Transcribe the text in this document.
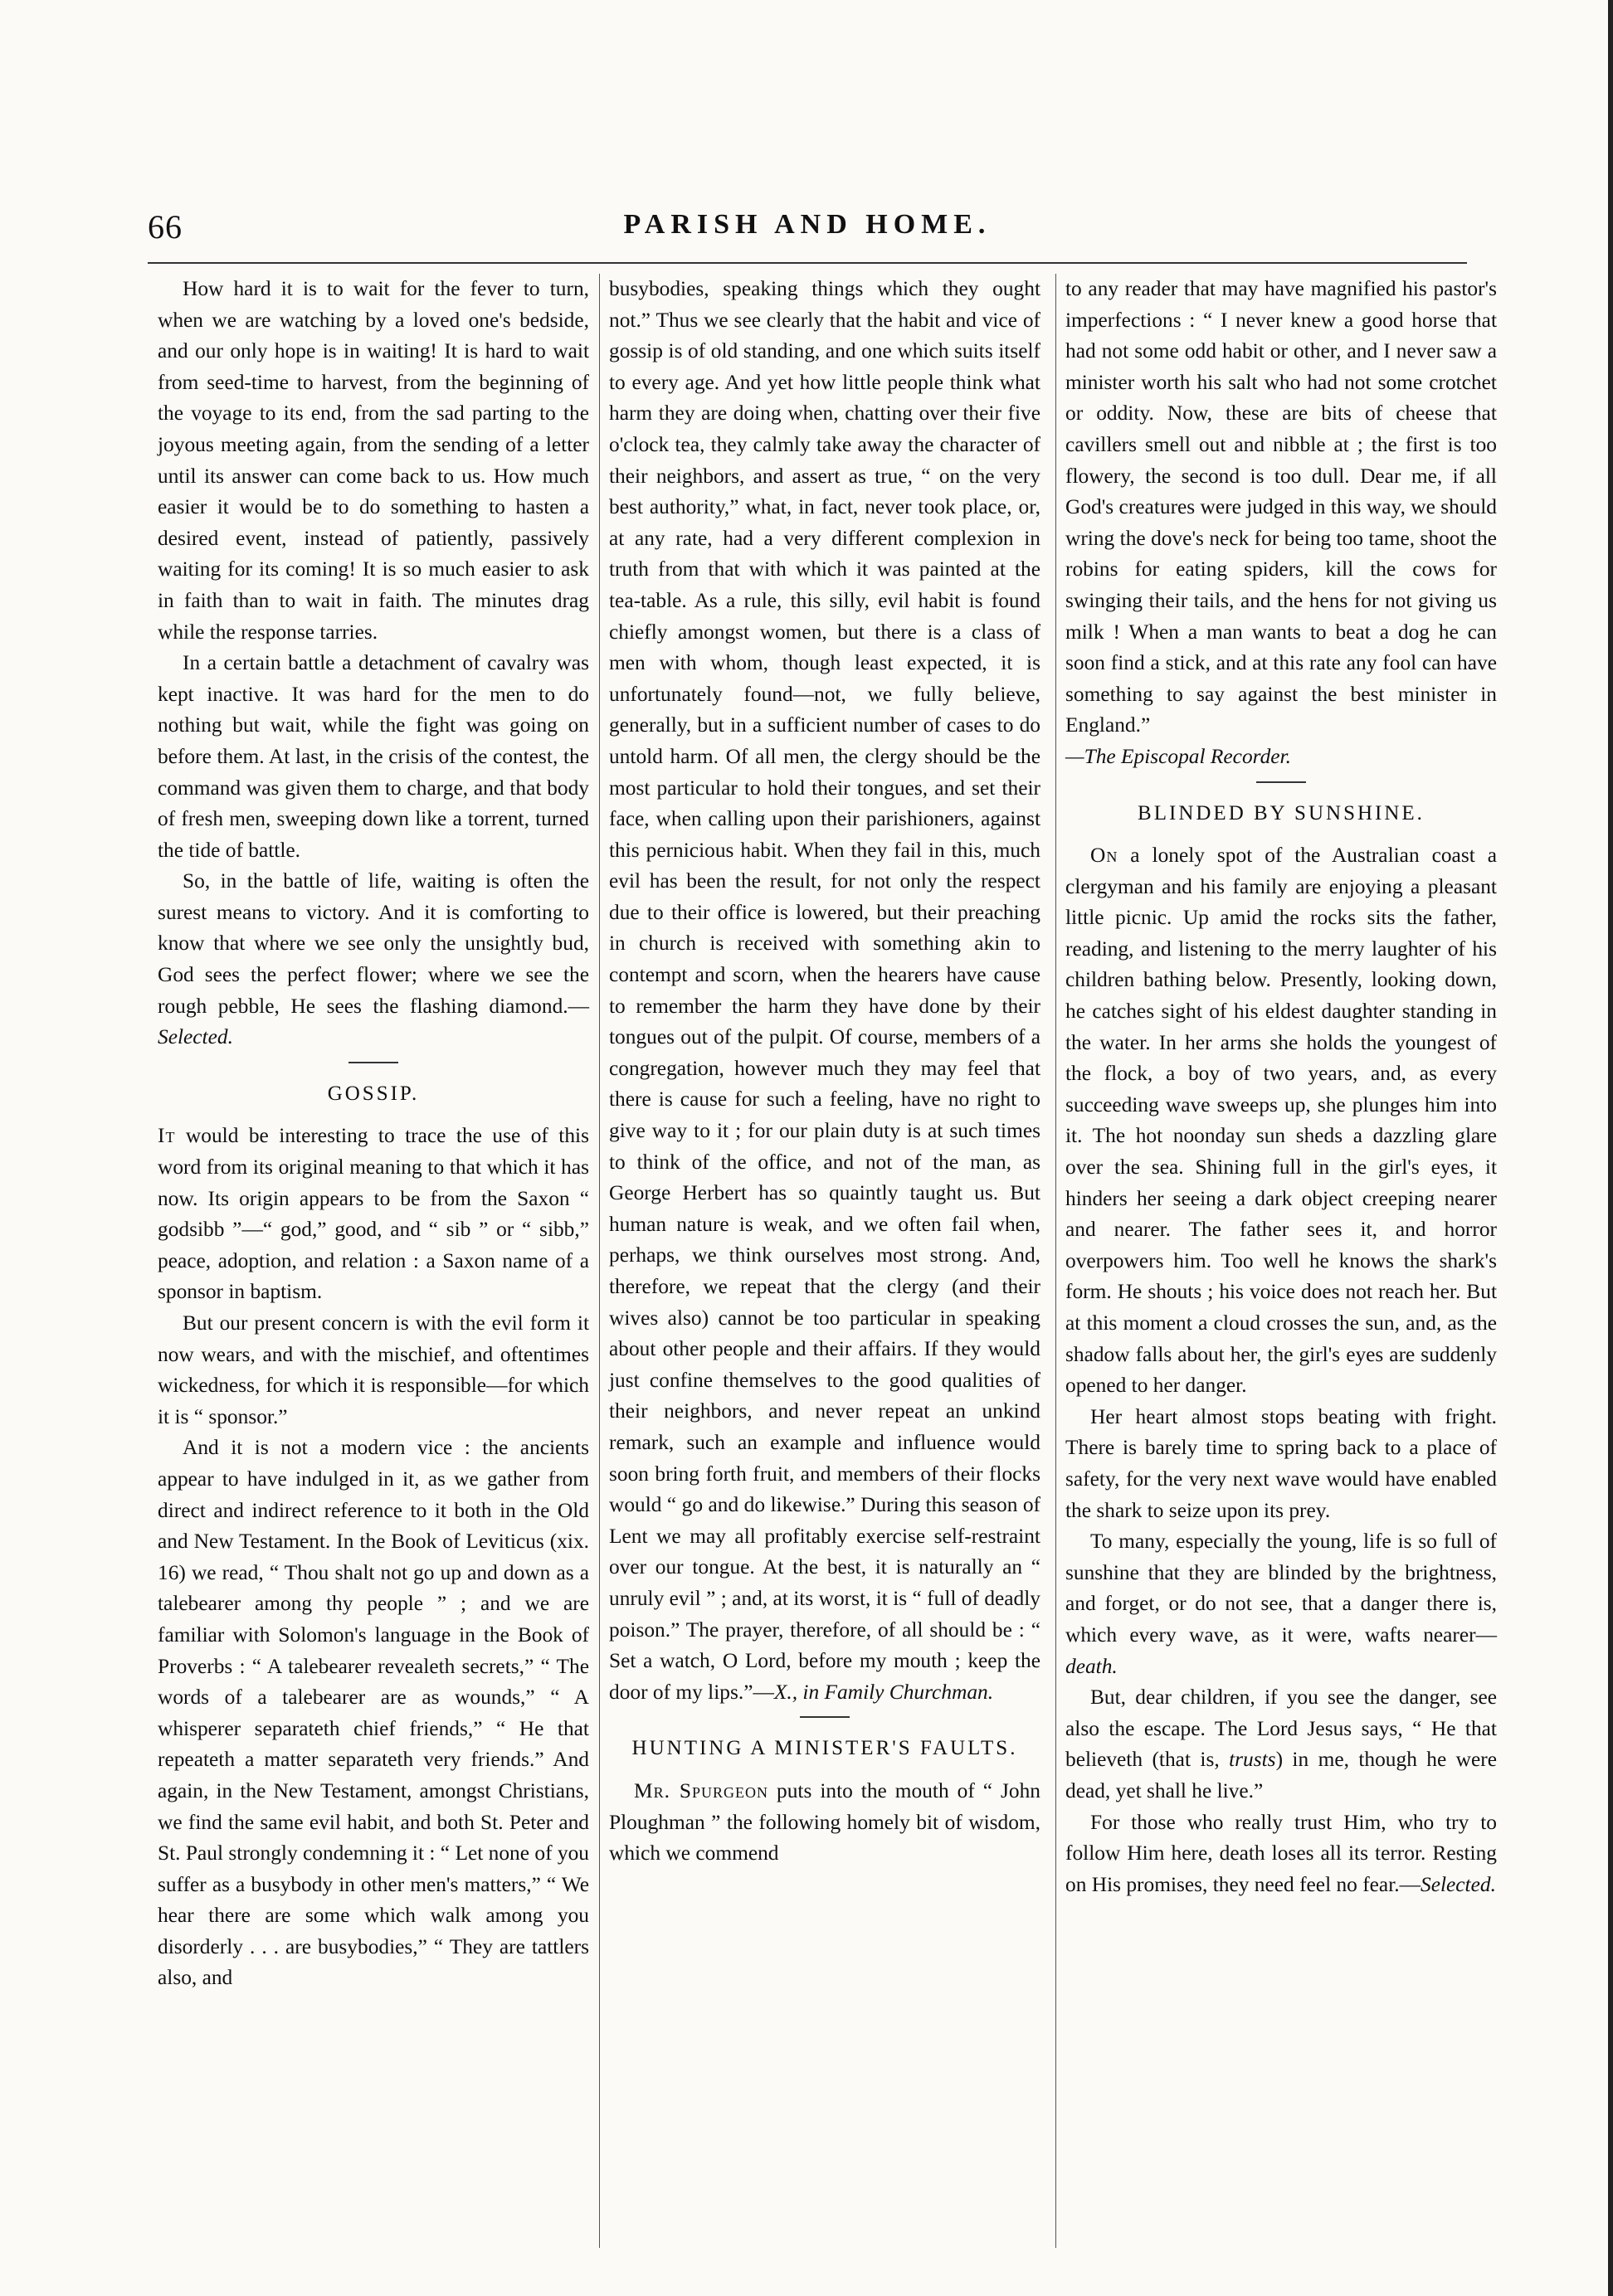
66	PARISH AND HOME.

How hard it is to wait for the fever to turn, when we are watching by a loved one's bedside, and our only hope is in waiting! It is hard to wait from seed-time to harvest, from the beginning of the voyage to its end, from the sad parting to the joyous meeting again, from the sending of a letter until its answer can come back to us. How much easier it would be to do something to hasten a desired event, instead of patiently, passively waiting for its coming! It is so much easier to ask in faith than to wait in faith. The minutes drag while the response tarries.

In a certain battle a detachment of cavalry was kept inactive. It was hard for the men to do nothing but wait, while the fight was going on before them. At last, in the crisis of the contest, the command was given them to charge, and that body of fresh men, sweeping down like a torrent, turned the tide of battle.

So, in the battle of life, waiting is often the surest means to victory. And it is comforting to know that where we see only the unsightly bud, God sees the perfect flower; where we see the rough pebble, He sees the flashing diamond.—Selected.

GOSSIP.

It would be interesting to trace the use of this word from its original meaning to that which it has now. Its origin appears to be from the Saxon “ godsibb ”—“ god,” good, and “ sib ” or “ sibb,” peace, adoption, and relation : a Saxon name of a sponsor in baptism.

But our present concern is with the evil form it now wears, and with the mischief, and oftentimes wickedness, for which it is responsible—for which it is “ sponsor.”

And it is not a modern vice : the ancients appear to have indulged in it, as we gather from direct and indirect reference to it both in the Old and New Testament. In the Book of Leviticus (xix. 16) we read, “ Thou shalt not go up and down as a talebearer among thy people ” ; and we are familiar with Solomon's language in the Book of Proverbs : “ A talebearer revealeth secrets,” “ The words of a talebearer are as wounds,” “ A whisperer separateth chief friends,” “ He that repeateth a matter separateth very friends.” And again, in the New Testament, amongst Christians, we find the same evil habit, and both St. Peter and St. Paul strongly condemning it : “ Let none of you suffer as a busybody in other men's matters,” “ We hear there are some which walk among you disorderly . . . are busybodies,” “ They are tattlers also, and

busybodies, speaking things which they ought not.” Thus we see clearly that the habit and vice of gossip is of old standing, and one which suits itself to every age. And yet how little people think what harm they are doing when, chatting over their five o'clock tea, they calmly take away the character of their neighbors, and assert as true, “ on the very best authority,” what, in fact, never took place, or, at any rate, had a very different complexion in truth from that with which it was painted at the tea-table. As a rule, this silly, evil habit is found chiefly amongst women, but there is a class of men with whom, though least expected, it is unfortunately found—not, we fully believe, generally, but in a sufficient number of cases to do untold harm. Of all men, the clergy should be the most particular to hold their tongues, and set their face, when calling upon their parishioners, against this pernicious habit. When they fail in this, much evil has been the result, for not only the respect due to their office is lowered, but their preaching in church is received with something akin to contempt and scorn, when the hearers have cause to remember the harm they have done by their tongues out of the pulpit. Of course, members of a congregation, however much they may feel that there is cause for such a feeling, have no right to give way to it ; for our plain duty is at such times to think of the office, and not of the man, as George Herbert has so quaintly taught us. But human nature is weak, and we often fail when, perhaps, we think ourselves most strong. And, therefore, we repeat that the clergy (and their wives also) cannot be too particular in speaking about other people and their affairs. If they would just confine themselves to the good qualities of their neighbors, and never repeat an unkind remark, such an example and influence would soon bring forth fruit, and members of their flocks would “ go and do likewise.” During this season of Lent we may all profitably exercise self-restraint over our tongue. At the best, it is naturally an “ unruly evil ” ; and, at its worst, it is “ full of deadly poison.” The prayer, therefore, of all should be : “ Set a watch, O Lord, before my mouth ; keep the door of my lips.”—X., in Family Churchman.

HUNTING A MINISTER'S FAULTS.

Mr. Spurgeon puts into the mouth of “ John Ploughman ” the following homely bit of wisdom, which we commend

to any reader that may have magnified his pastor's imperfections : “ I never knew a good horse that had not some odd habit or other, and I never saw a minister worth his salt who had not some crotchet or oddity. Now, these are bits of cheese that cavillers smell out and nibble at ; the first is too flowery, the second is too dull. Dear me, if all God's creatures were judged in this way, we should wring the dove's neck for being too tame, shoot the robins for eating spiders, kill the cows for swinging their tails, and the hens for not giving us milk ! When a man wants to beat a dog he can soon find a stick, and at this rate any fool can have something to say against the best minister in England.”

—The Episcopal Recorder.

BLINDED BY SUNSHINE.

On a lonely spot of the Australian coast a clergyman and his family are enjoying a pleasant little picnic. Up amid the rocks sits the father, reading, and listening to the merry laughter of his children bathing below. Presently, looking down, he catches sight of his eldest daughter standing in the water. In her arms she holds the youngest of the flock, a boy of two years, and, as every succeeding wave sweeps up, she plunges him into it. The hot noonday sun sheds a dazzling glare over the sea. Shining full in the girl's eyes, it hinders her seeing a dark object creeping nearer and nearer. The father sees it, and horror overpowers him. Too well he knows the shark's form. He shouts ; his voice does not reach her. But at this moment a cloud crosses the sun, and, as the shadow falls about her, the girl's eyes are suddenly opened to her danger.

Her heart almost stops beating with fright. There is barely time to spring back to a place of safety, for the very next wave would have enabled the shark to seize upon its prey.

To many, especially the young, life is so full of sunshine that they are blinded by the brightness, and forget, or do not see, that a danger there is, which every wave, as it were, wafts nearer—death.

But, dear children, if you see the danger, see also the escape. The Lord Jesus says, “ He that believeth (that is, trusts) in me, though he were dead, yet shall he live.”

For those who really trust Him, who try to follow Him here, death loses all its terror. Resting on His promises, they need feel no fear.—Selected.
